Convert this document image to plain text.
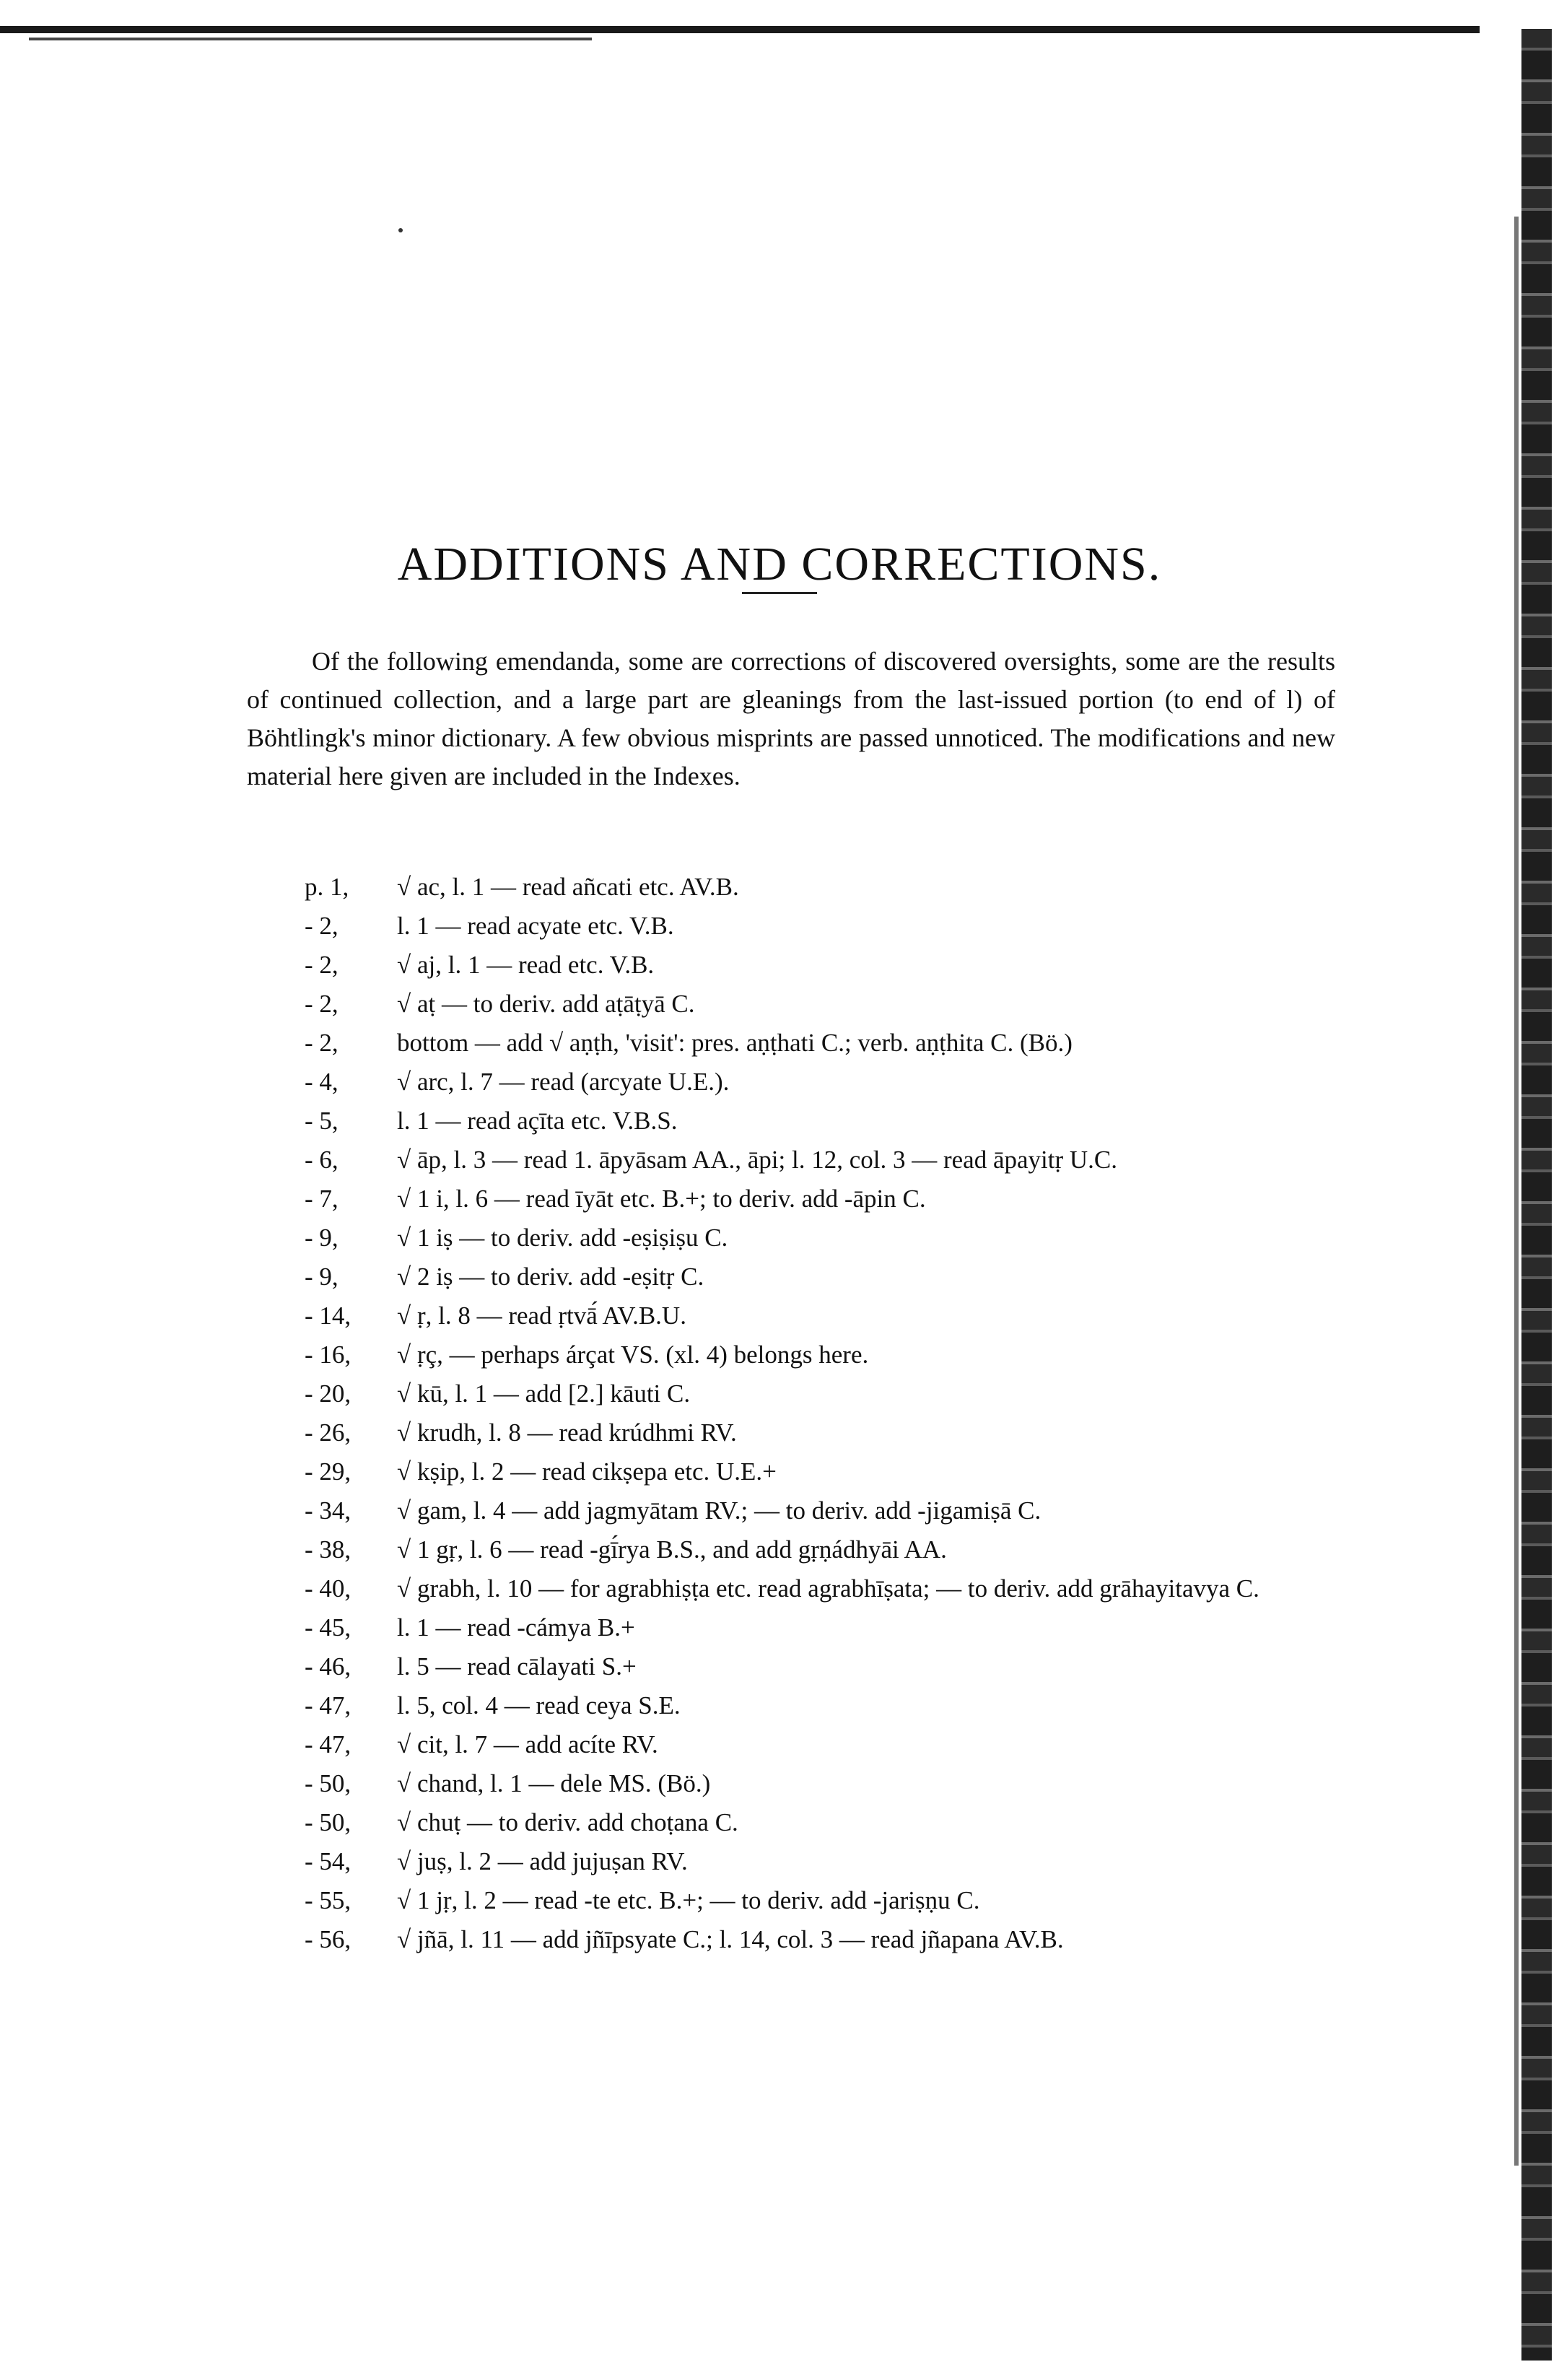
ADDITIONS AND CORRECTIONS.

Of the following emendanda, some are corrections of discovered oversights, some are the results of continued collection, and a large part are gleanings from the last-issued portion (to end of l) of Böhtlingk's minor dictionary. A few obvious misprints are passed unnoticed. The modifications and new material here given are included in the Indexes.

p. 1, √ ac, l. 1 — read añcati etc. AV.B.

- 2, l. 1 — read acyate etc. V.B.

- 2, √ aj, l. 1 — read etc. V.B.

- 2, √ aṭ — to deriv. add aṭāṭyā C.

- 2, bottom — add √ aṇṭh, 'visit': pres. aṇṭhati C.; verb. aṇṭhita C. (Bö.)

- 4, √ arc, l. 7 — read (arcyate U.E.).

- 5, l. 1 — read açīta etc. V.B.S.

- 6, √ āp, l. 3 — read 1. āpyāsam AA., āpi; l. 12, col. 3 — read āpayitṛ U.C.

- 7, √ 1 i, l. 6 — read īyāt etc. B.+; to deriv. add -āpin C.

- 9, √ 1 iṣ — to deriv. add -eṣiṣiṣu C.

- 9, √ 2 iṣ — to deriv. add -eṣitṛ C.

- 14, √ ṛ, l. 8 — read ṛtvā́ AV.B.U.

- 16, √ ṛç, — perhaps árçat VS. (xl. 4) belongs here.

- 20, √ kū, l. 1 — add [2.] kāuti C.

- 26, √ krudh, l. 8 — read krúdhmi RV.

- 29, √ kṣip, l. 2 — read cikṣepa etc. U.E.+

- 34, √ gam, l. 4 — add jagmyātam RV.; — to deriv. add -jigamiṣā C.

- 38, √ 1 gṛ, l. 6 — read -gī́rya B.S., and add gṛṇádhyāi AA.

- 40, √ grabh, l. 10 — for agrabhiṣṭa etc. read agrabhīṣata; — to deriv. add grāhayitavya C.

- 45, l. 1 — read -cámya B.+

- 46, l. 5 — read cālayati S.+

- 47, l. 5, col. 4 — read ceya S.E.

- 47, √ cit, l. 7 — add acíte RV.

- 50, √ chand, l. 1 — dele MS. (Bö.)

- 50, √ chuṭ — to deriv. add choṭana C.

- 54, √ juṣ, l. 2 — add jujuṣan RV.

- 55, √ 1 jṛ, l. 2 — read -te etc. B.+; — to deriv. add -jariṣṇu C.

- 56, √ jñā, l. 11 — add jñīpsyate C.; l. 14, col. 3 — read jñapana AV.B.
